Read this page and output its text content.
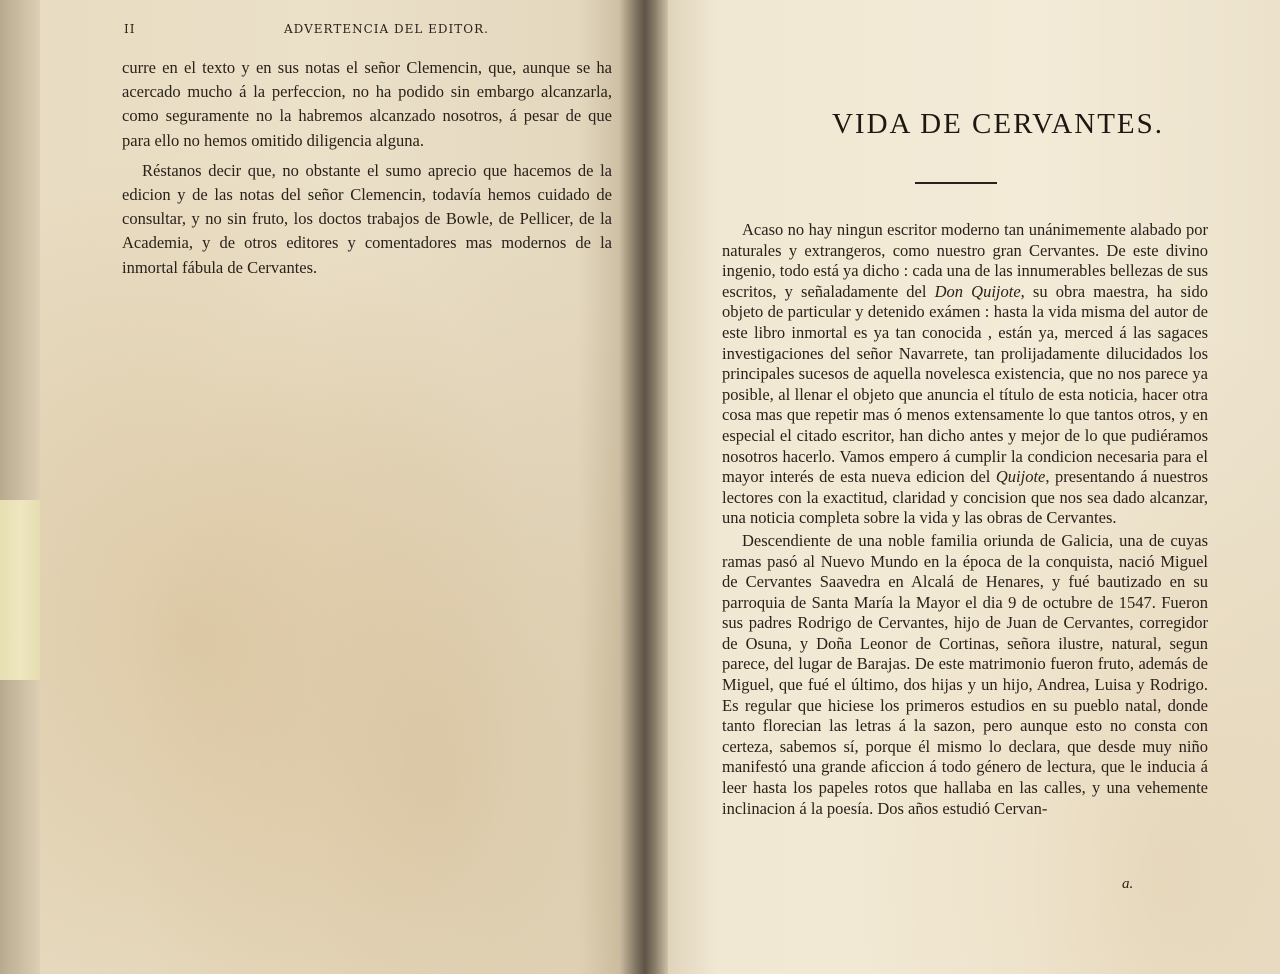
II	ADVERTENCIA DEL EDITOR.

curre en el texto y en sus notas el señor Clemencin, que, aunque se ha acercado mucho á la perfeccion, no ha podido sin embargo alcanzarla, como seguramente no la habremos alcanzado nosotros, á pesar de que para ello no hemos omitido diligencia alguna.

Réstanos decir que, no obstante el sumo aprecio que hacemos de la edicion y de las notas del señor Clemencin, todavía hemos cuidado de consultar, y no sin fruto, los doctos trabajos de Bowle, de Pellicer, de la Academia, y de otros editores y comentadores mas modernos de la inmortal fábula de Cervantes.

VIDA DE CERVANTES.

Acaso no hay ningun escritor moderno tan unánimemente alabado por naturales y extrangeros, como nuestro gran Cervantes. De este divino ingenio, todo está ya dicho : cada una de las innumerables bellezas de sus escritos, y señaladamente del Don Quijote, su obra maestra, ha sido objeto de particular y detenido exámen : hasta la vida misma del autor de este libro inmortal es ya tan conocida , están ya, merced á las sagaces investigaciones del señor Navarrete, tan prolijadamente dilucidados los principales sucesos de aquella novelesca existencia, que no nos parece ya posible, al llenar el objeto que anuncia el título de esta noticia, hacer otra cosa mas que repetir mas ó menos extensamente lo que tantos otros, y en especial el citado escritor, han dicho antes y mejor de lo que pudiéramos nosotros hacerlo. Vamos empero á cumplir la condicion necesaria para el mayor interés de esta nueva edicion del Quijote, presentando á nuestros lectores con la exactitud, claridad y concision que nos sea dado alcanzar, una noticia completa sobre la vida y las obras de Cervantes.

Descendiente de una noble familia oriunda de Galicia, una de cuyas ramas pasó al Nuevo Mundo en la época de la conquista, nació Miguel de Cervantes Saavedra en Alcalá de Henares, y fué bautizado en su parroquia de Santa María la Mayor el dia 9 de octubre de 1547. Fueron sus padres Rodrigo de Cervantes, hijo de Juan de Cervantes, corregidor de Osuna, y Doña Leonor de Cortinas, señora ilustre, natural, segun parece, del lugar de Barajas. De este matrimonio fueron fruto, además de Miguel, que fué el último, dos hijas y un hijo, Andrea, Luisa y Rodrigo. Es regular que hiciese los primeros estudios en su pueblo natal, donde tanto florecian las letras á la sazon, pero aunque esto no consta con certeza, sabemos sí, porque él mismo lo declara, que desde muy niño manifestó una grande aficcion á todo género de lectura, que le inducia á leer hasta los papeles rotos que hallaba en las calles, y una vehemente inclinacion á la poesía. Dos años estudió Cervan-

a.
